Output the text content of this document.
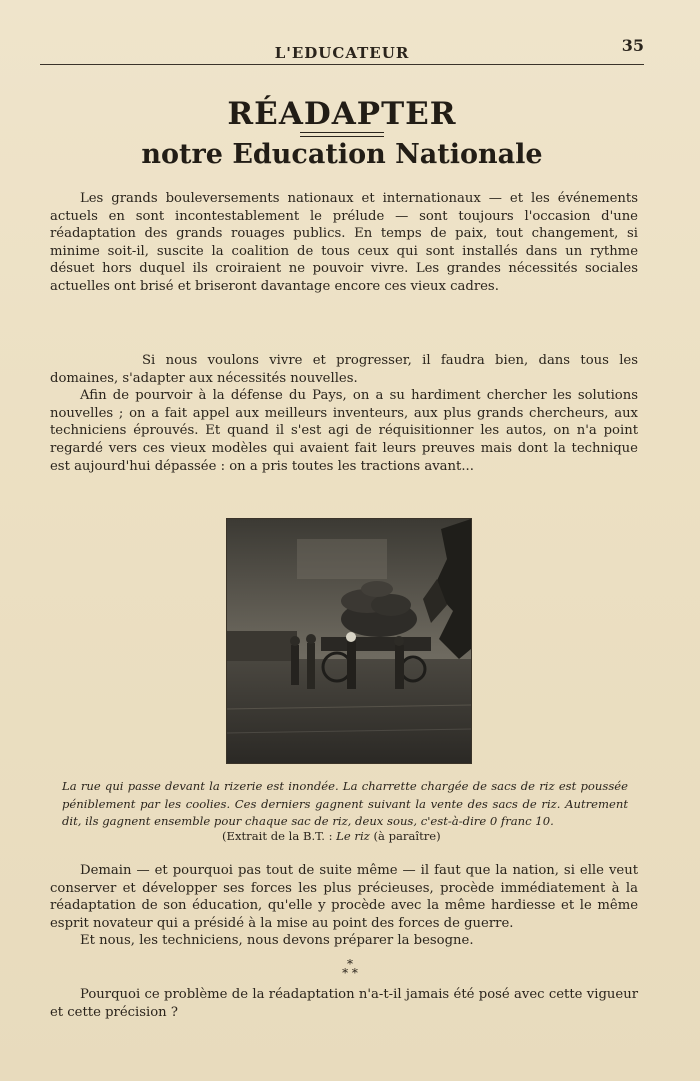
L'EDUCATEUR	35
RÉADAPTER
notre Education Nationale

Les grands bouleversements nationaux et internationaux — et les événements actuels en sont incontestablement le prélude — sont toujours l'occasion d'une réadaptation des grands rouages publics. En temps de paix, tout changement, si minime soit-il, suscite la coalition de tous ceux qui sont installés dans un rythme désuet hors duquel ils croiraient ne pouvoir vivre. Les grandes nécessités sociales actuelles ont brisé et briseront davantage encore ces vieux cadres.

Si nous voulons vivre et progresser, il faudra bien, dans tous les domaines, s'adapter aux nécessités nouvelles.

Afin de pourvoir à la défense du Pays, on a su hardiment chercher les solutions nouvelles ; on a fait appel aux meilleurs inventeurs, aux plus grands chercheurs, aux techniciens éprouvés. Et quand il s'est agi de réquisitionner les autos, on n'a point regardé vers ces vieux modèles qui avaient fait leurs preuves mais dont la technique est aujourd'hui dépassée : on a pris toutes les tractions avant...

La rue qui passe devant la rizerie est inondée. La charrette chargée de sacs de riz est poussée péniblement par les coolies. Ces derniers gagnent suivant la vente des sacs de riz. Autrement dit, ils gagnent ensemble pour chaque sac de riz, deux sous, c'est-à-dire 0 franc 10.
(Extrait de la B.T. : Le riz (à paraître)

Demain — et pourquoi pas tout de suite même — il faut que la nation, si elle veut conserver et développer ses forces les plus précieuses, procède immédiatement à la réadaptation de son éducation, qu'elle y procède avec la même hardiesse et le même esprit novateur qui a présidé à la mise au point des forces de guerre.

Et nous, les techniciens, nous devons préparer la besogne.

*
* *

Pourquoi ce problème de la réadaptation n'a-t-il jamais été posé avec cette vigueur et cette précision ?
